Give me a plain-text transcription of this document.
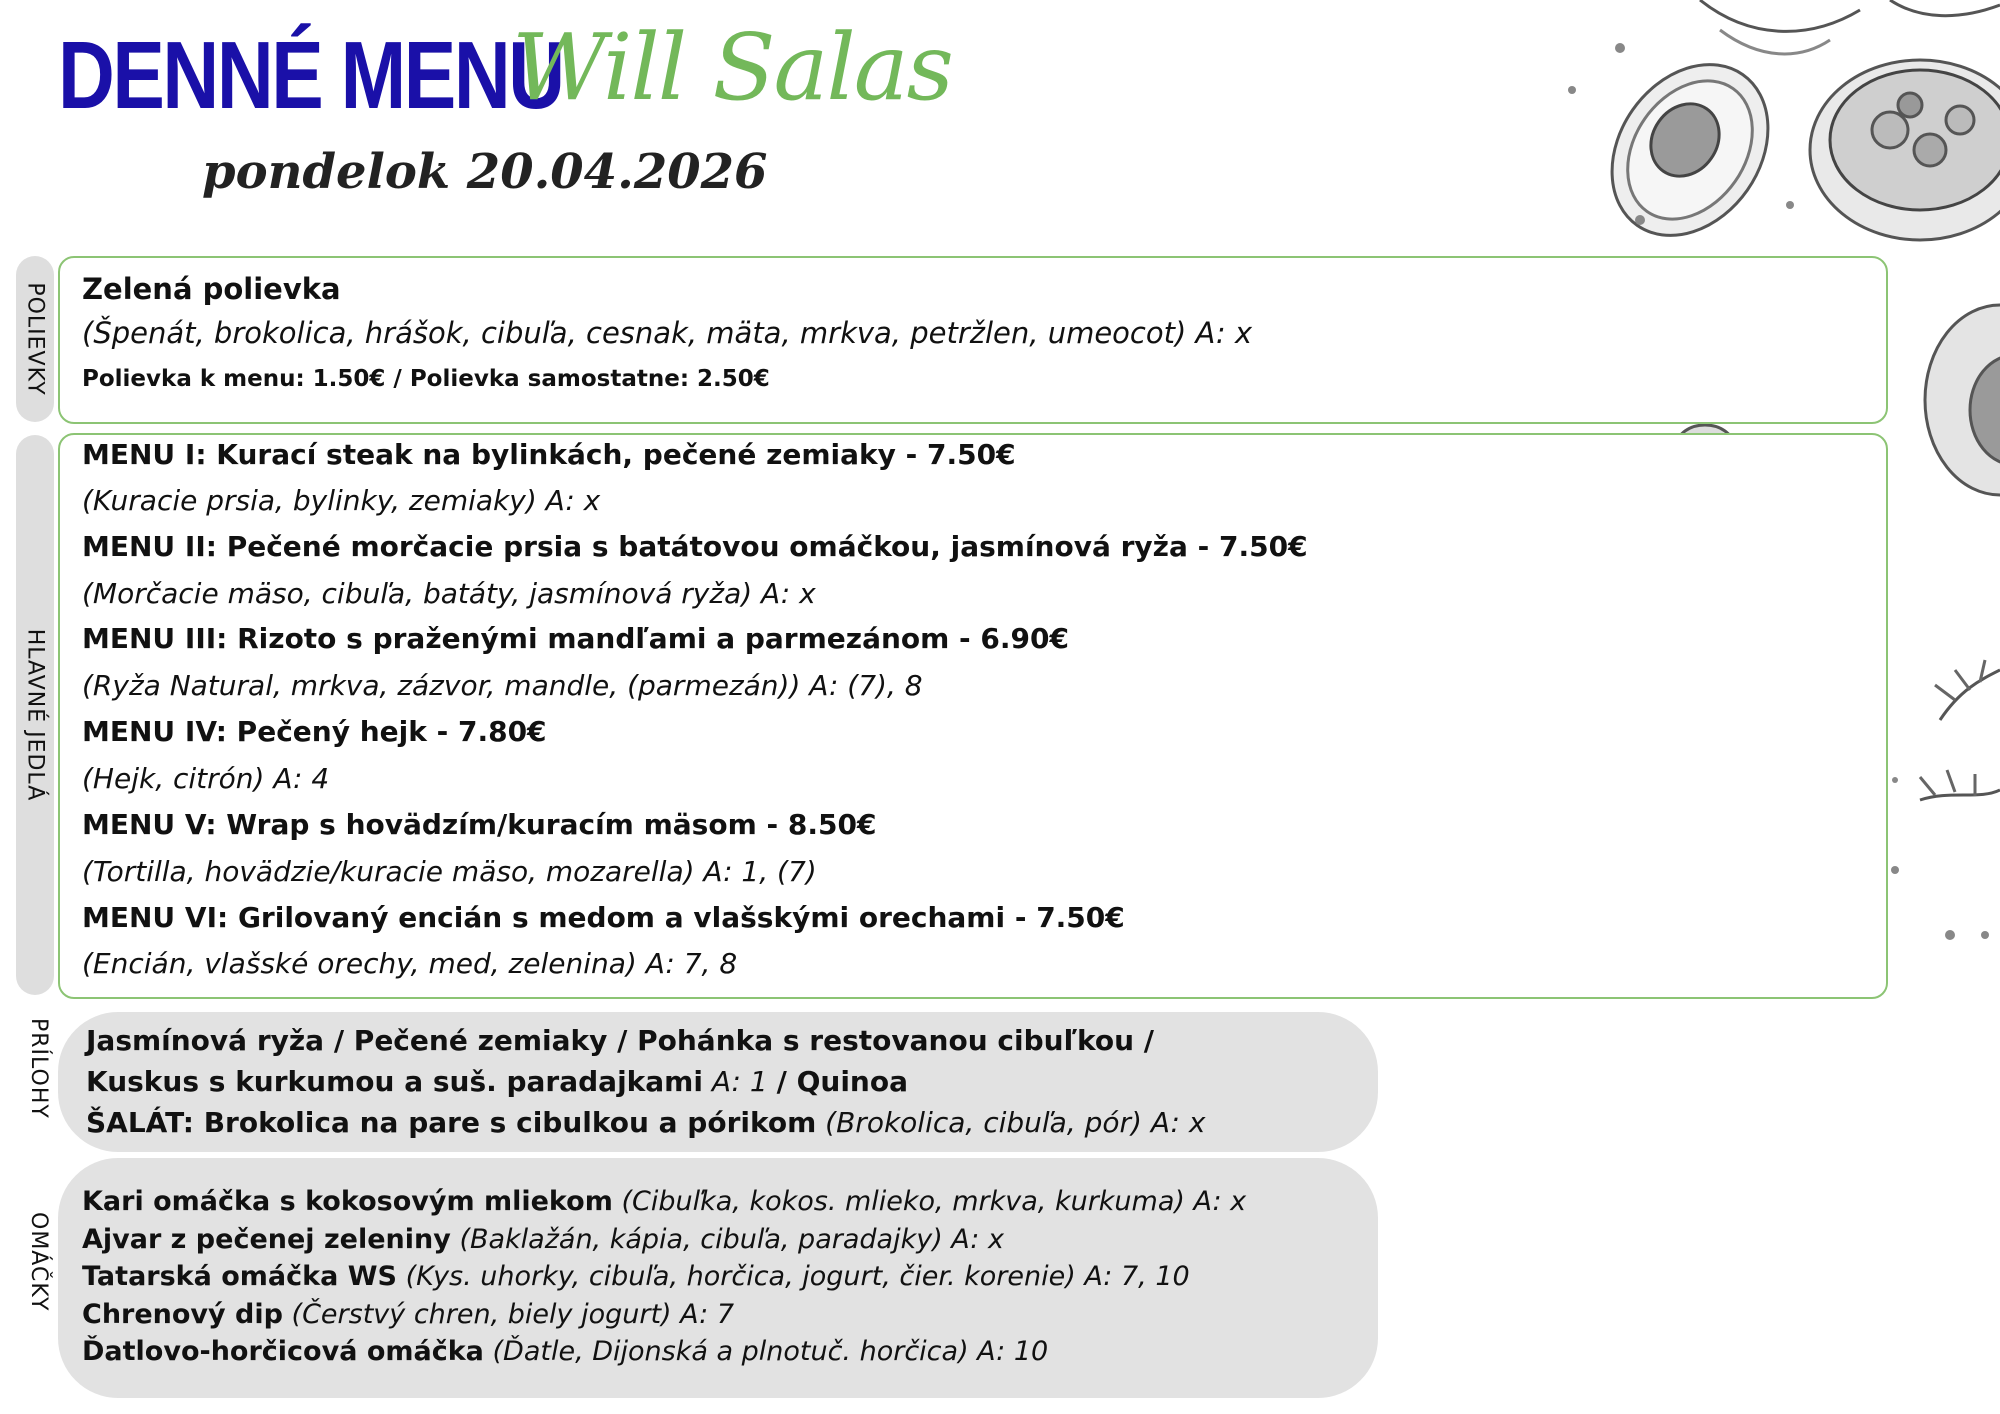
DENNÉ MENU
Will Salas
pondelok 20.04.2026
POLIEVKY Zelená polievka
(Špenát, brokolica, hrášok, cibuľa, cesnak, mäta, mrkva, petržlen, umeocot) A: x
Polievka k menu: 1.50€ / Polievka samostatne: 2.50€
HLAVNÉ JEDLÁ
MENU I: Kurací steak na bylinkách, pečené zemiaky - 7.50€
(Kuracie prsia, bylinky, zemiaky) A: x
MENU II: Pečené morčacie prsia s batátovou omáčkou, jasmínová ryža - 7.50€
(Morčacie mäso, cibuľa, batáty, jasmínová ryža) A: x
MENU III: Rizoto s praženými mandľami a parmezánom - 6.90€
(Ryža Natural, mrkva, zázvor, mandle, (parmezán)) A: (7), 8
MENU IV: Pečený hejk - 7.80€
(Hejk, citrón) A: 4
MENU V: Wrap s hovädzím/kuracím mäsom - 8.50€
(Tortilla, hovädzie/kuracie mäso, mozarella) A: 1, (7)
MENU VI: Grilovaný encián s medom a vlašskými orechami - 7.50€
(Encián, vlašské orechy, med, zelenina) A: 7, 8
PRÍLOHY Jasmínová ryža / Pečené zemiaky / Pohánka s restovanou cibuľkou /
Kuskus s kurkumou a suš. paradajkami A: 1 / Quinoa
ŠALÁT: Brokolica na pare s cibulkou a pórikom (Brokolica, cibuľa, pór) A: x
OMÁČKY
Kari omáčka s kokosovým mliekom (Cibuľka, kokos. mlieko, mrkva, kurkuma) A: x
Ajvar z pečenej zeleniny (Baklažán, kápia, cibuľa, paradajky) A: x
Tatarská omáčka WS (Kys. uhorky, cibuľa, horčica, jogurt, čier. korenie) A: 7, 10
Chrenový dip (Čerstvý chren, biely jogurt) A: 7
Ďatlovo-horčicová omáčka (Ďatle, Dijonská a plnotuč. horčica) A: 10
